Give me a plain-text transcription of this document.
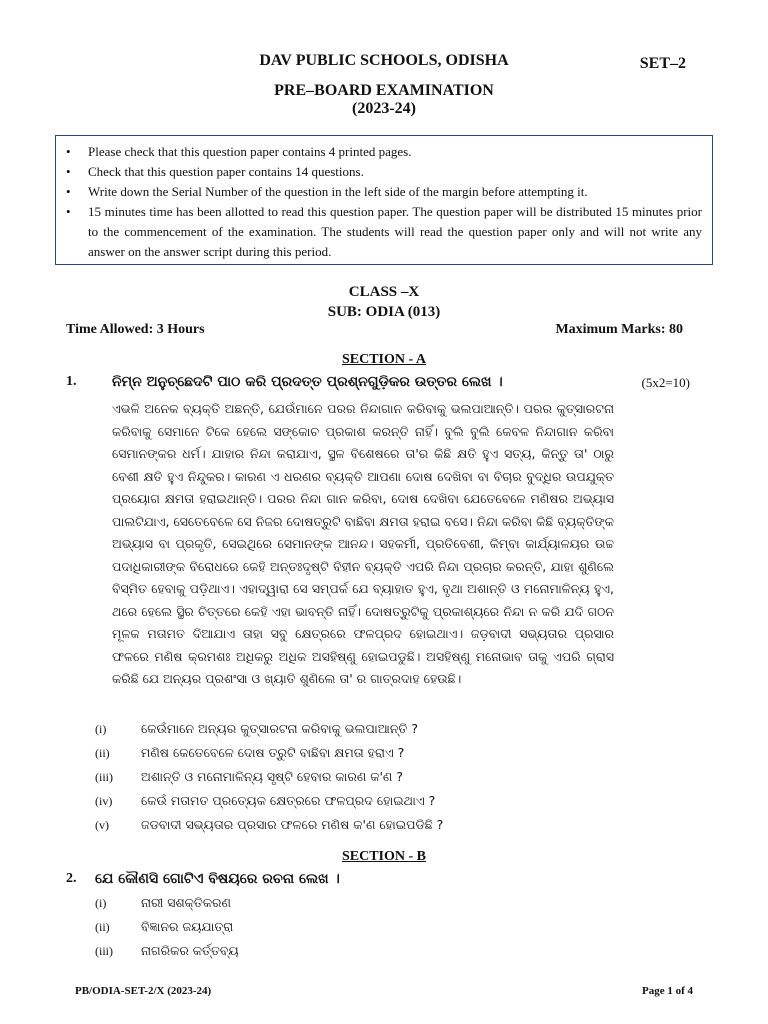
DAV PUBLIC SCHOOLS, ODISHA	SET–2
PRE–BOARD EXAMINATION
(2023-24)
• Please check that this question paper contains 4 printed pages.
• Check that this question paper contains 14 questions.
• Write down the Serial Number of the question in the left side of the margin before attempting it.
• 15 minutes time has been allotted to read this question paper. The question paper will be distributed 15 minutes prior to the commencement of the examination. The students will read the question paper only and will not write any answer on the answer script during this period.
CLASS –X
SUB: ODIA (013)
Time Allowed: 3 Hours	Maximum Marks: 80
SECTION - A
1.	ନିମ୍ନ ଅନୁଚ୍ଛେଦଟି ପାଠ କରି ପ୍ରଦତ୍ତ ପ୍ରଶ୍ନଗୁଡ଼ିକର ଉତ୍ତର ଲେଖ ।	(5x2=10)
ଏଭଳି ଅନେକ ବ୍ୟକ୍ତି ଅଛନ୍ତି, ଯେଉଁମାନେ ପରର ନିନ୍ଦାଗାନ କରିବାକୁ ଭଲପାଆନ୍ତି। ପରର କୁତ୍ସାରଟନା କରିବାକୁ ସେମାନେ ଟିକେ ହେଲେ ସଙ୍କୋଚ ପ୍ରକାଶ କରନ୍ତି ନାହିଁ। ବୁଲି ବୁଲି କେବଳ ନିନ୍ଦାଗାନ କରିବା ସେମାନଙ୍କର ଧର୍ମ। ଯାହାର ନିନ୍ଦା କରାଯାଏ, ସ୍ଥଳ ବିଶେଷରେ ତା'ର କିଛି କ୍ଷତି ହୁଏ ସତ୍ୟ, କିନ୍ତୁ ତା' ଠାରୁ ବେଶୀ କ୍ଷତି ହୁଏ ନିନ୍ଦୁକର। କାରଣ ଏ ଧରଣର ବ୍ୟକ୍ତି ଆପଣା ଦୋଷ ଦେଖିବା ବା ବିଚାର ବୁଦ୍ଧିର ଉପଯୁକ୍ତ ପ୍ରୟୋଗ କ୍ଷମତା ହରାଇଥାନ୍ତି। ପରର ନିନ୍ଦା ଗାନ କରିବା, ଦୋଷ ଦେଖିବା ଯେତେବେଳେ ମଣିଷର ଅଭ୍ୟାସ ପାଲଟିଯାଏ, ସେତେବେଳେ ସେ ନିଜର ଦୋଷତ୍ରୁଟି ବାଛିବା କ୍ଷମତା ହରାଇ ବସେ। ନିନ୍ଦା କରିବା କିଛି ବ୍ୟକ୍ତିଙ୍କ ଅଭ୍ୟାସ ବା ପ୍ରକୃତି, ସେଇଥିରେ ସେମାନଙ୍କ ଆନନ୍ଦ। ସହକର୍ମୀ, ପ୍ରତିବେଶୀ, କିମ୍ବା କାର୍ଯ୍ୟାଳୟର ଉଚ୍ଚ ପଦାଧିକାରୀଙ୍କ ବିରୋଧରେ କେହି ଅନ୍ତଃଦୃଷ୍ଟି ବିହୀନ ବ୍ୟକ୍ତି ଏପରି ନିନ୍ଦା ପ୍ରଚାର କରନ୍ତି, ଯାହା ଶୁଣିଲେ ବିସ୍ମିତ ହେବାକୁ ପଡ଼ିଥାଏ। ଏହାଦ୍ୱାରା ସେ ସମ୍ପର୍କ ଯେ ବ୍ୟାହାତ ହୁଏ, ବୃଥା ଅଶାନ୍ତି ଓ ମନୋମାଳିନ୍ୟ ହୁଏ, ଥରେ ହେଲେ ସ୍ଥିର ଚିତ୍ତରେ କେହି ଏହା ଭାବନ୍ତି ନାହିଁ। ଦୋଷତ୍ରୁଟିକୁ ପ୍ରକାଶ୍ୟରେ ନିନ୍ଦା ନ କରି ଯଦି ଗଠନ ମୂଳକ ମତାମତ ଦିଆଯାଏ ତାହା ସବୁ କ୍ଷେତ୍ରରେ ଫଳପ୍ରଦ ହୋଇଥାଏ। ଜଡ଼ବାଦୀ ସଭ୍ୟତାର ପ୍ରସାର ଫଳରେ ମଣିଷ କ୍ରମଶଃ ଅଧିକରୁ ଅଧିକ ଅସହିଷ୍ଣୁ ହୋଇପଡୁଛି। ଅସହିଷ୍ଣୁ ମନୋଭାବ ତାକୁ ଏପରି ଗ୍ରାସ କରିଛି ଯେ ଅନ୍ୟର ପ୍ରଶଂସା ଓ ଖ୍ୟାତି ଶୁଣିଲେ ତା' ର ଗାତ୍ରଦାହ ହେଉଛି।
(i)	କେଉଁମାନେ ଅନ୍ୟର କୁତ୍ସାରଟନା କରିବାକୁ ଭଲପାଆନ୍ତି ?
(ii)	ମଣିଷ କେତେବେଳେ ଦୋଷ ତ୍ରୁଟି ବାଛିବା କ୍ଷମତା ହରାଏ ?
(iii)	ଅଶାନ୍ତି ଓ ମନୋମାଳିନ୍ୟ ସୃଷ୍ଟି ହେବାର କାରଣ କ'ଣ ?
(iv)	କେଉଁ ମତାମତ ପ୍ରତ୍ୟେକ କ୍ଷେତ୍ରରେ ଫଳପ୍ରଦ ହୋଇଥାଏ ?
(v)	ଜଡବାଦୀ ସଭ୍ୟତାର ପ୍ରସାର ଫଳରେ ମଣିଷ କ'ଣ ହୋଇପଡିଛି ?
SECTION - B
2. ଯେ କୌଣସି ଗୋଟିଏ ବିଷୟରେ ରଚନା ଲେଖ ।
(i)	ନାରୀ ସଶକ୍ତିକରଣ
(ii)	ବିଜ୍ଞାନର ଜୟଯାତ୍ରା
(iii)	ନାଗରିକର କର୍ତ୍ତବ୍ୟ
PB/ODIA-SET-2/X (2023-24)	Page 1 of 4
